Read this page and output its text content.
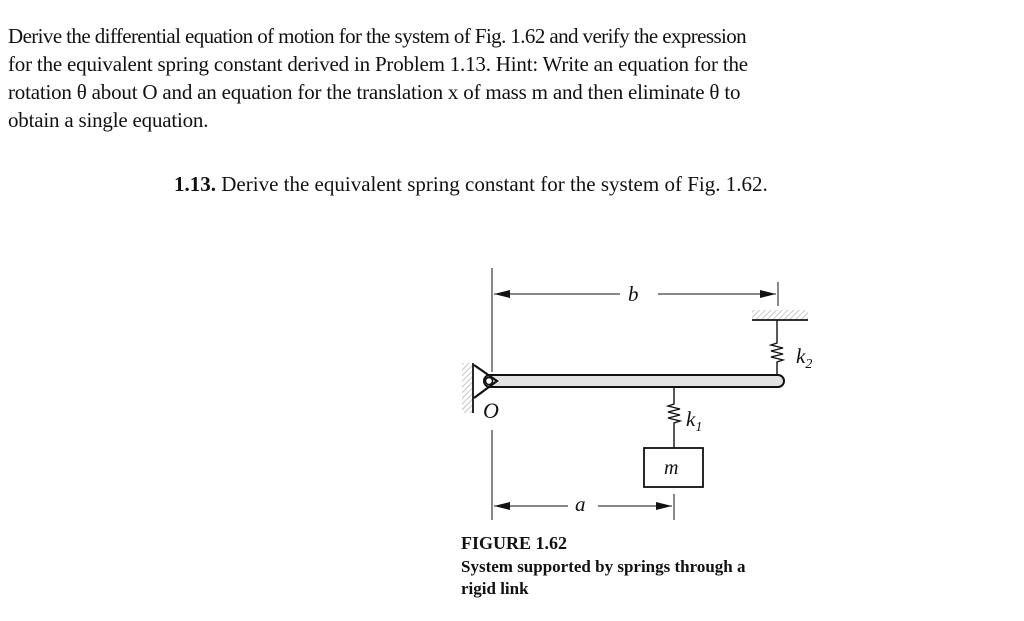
Derive the differential equation of motion for the system of Fig. 1.62 and verify the expression
for the equivalent spring constant derived in Problem 1.13. Hint: Write an equation for the
rotation θ about O and an equation for the translation x of mass m and then eliminate θ to
obtain a single equation.
1.13. Derive the equivalent spring constant for the system of Fig. 1.62.
b
$k_2$
O	$k_1$
m
a
FIGURE 1.62
System supported by springs through a
rigid link
